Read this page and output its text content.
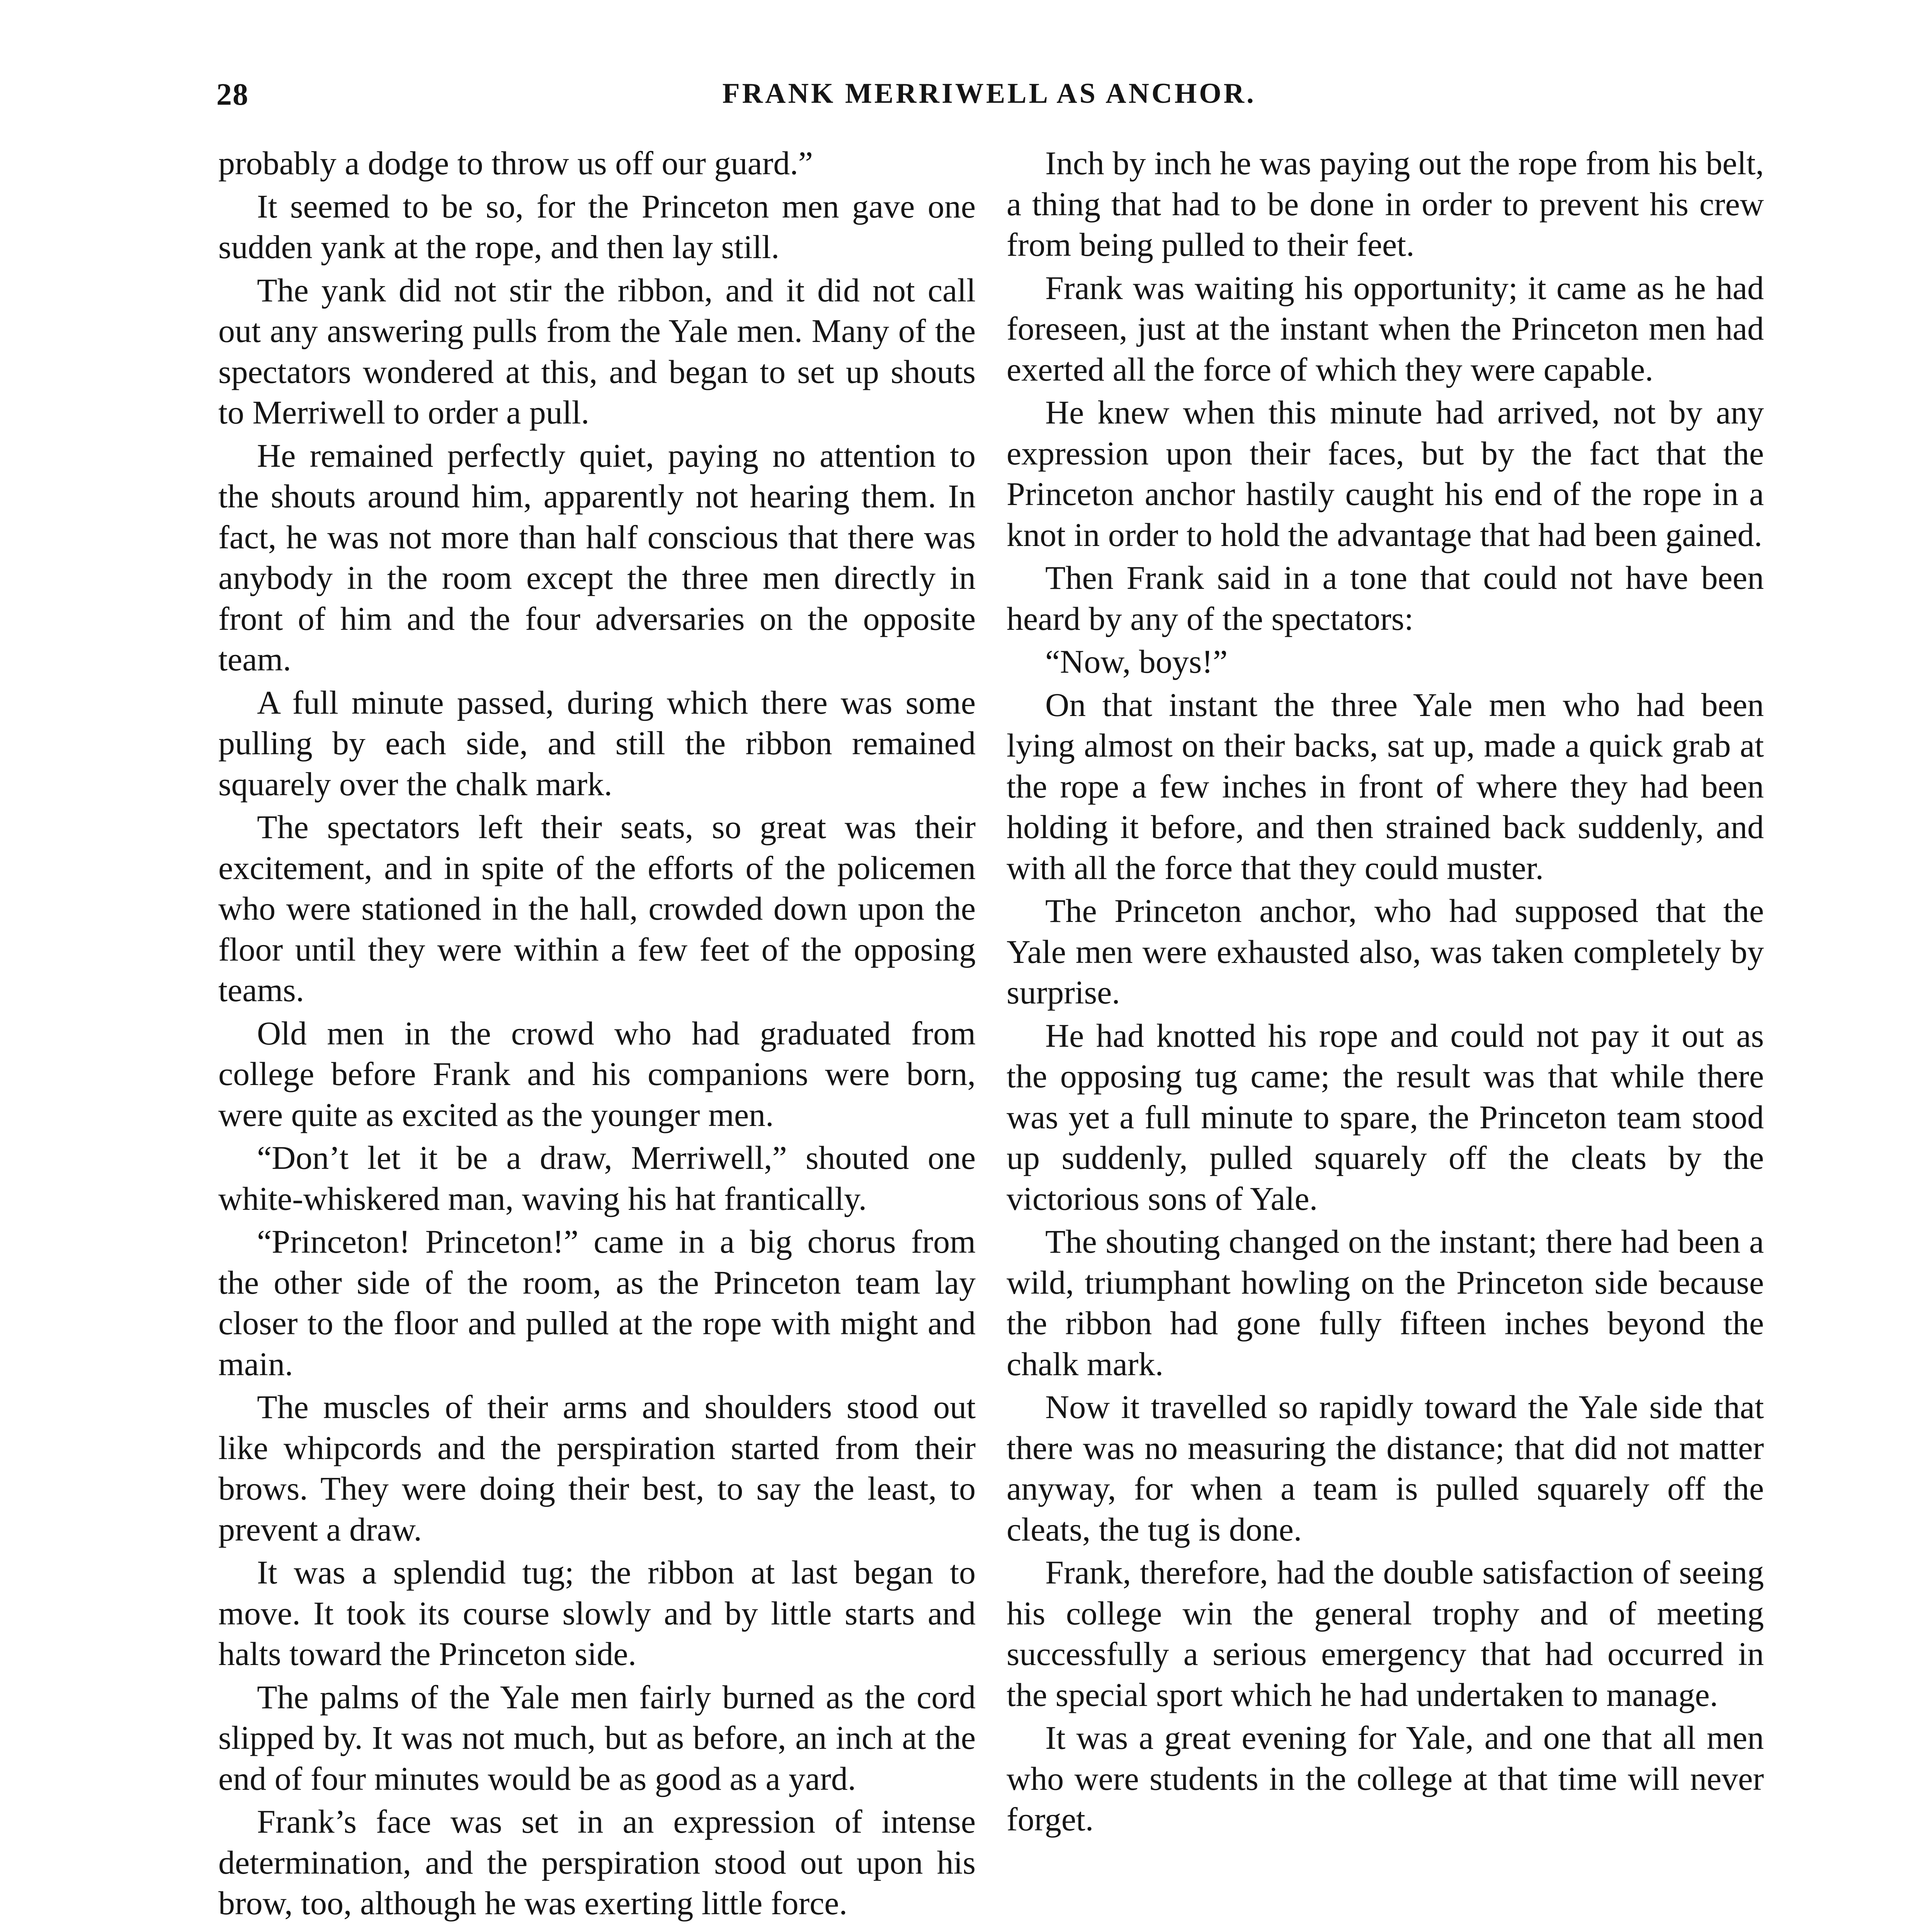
28	FRANK MERRIWELL AS ANCHOR.

probably a dodge to throw us off our guard.”

It seemed to be so, for the Princeton men gave one sudden yank at the rope, and then lay still.

The yank did not stir the ribbon, and it did not call out any answering pulls from the Yale men. Many of the spectators wondered at this, and began to set up shouts to Merriwell to order a pull.

He remained perfectly quiet, paying no attention to the shouts around him, apparently not hearing them. In fact, he was not more than half conscious that there was anybody in the room except the three men directly in front of him and the four adversaries on the opposite team.

A full minute passed, during which there was some pulling by each side, and still the ribbon remained squarely over the chalk mark.

The spectators left their seats, so great was their excitement, and in spite of the efforts of the policemen who were stationed in the hall, crowded down upon the floor until they were within a few feet of the opposing teams.

Old men in the crowd who had graduated from college before Frank and his companions were born, were quite as excited as the younger men.

“Don’t let it be a draw, Merriwell,” shouted one white-whiskered man, waving his hat frantically.

“Princeton! Princeton!” came in a big chorus from the other side of the room, as the Princeton team lay closer to the floor and pulled at the rope with might and main.

The muscles of their arms and shoulders stood out like whipcords and the perspiration started from their brows. They were doing their best, to say the least, to prevent a draw.

It was a splendid tug; the ribbon at last began to move. It took its course slowly and by little starts and halts toward the Princeton side.

The palms of the Yale men fairly burned as the cord slipped by. It was not much, but as before, an inch at the end of four minutes would be as good as a yard.

Frank’s face was set in an expression of intense determination, and the perspiration stood out upon his brow, too, although he was exerting little force.

Inch by inch he was paying out the rope from his belt, a thing that had to be done in order to prevent his crew from being pulled to their feet.

Frank was waiting his opportunity; it came as he had foreseen, just at the instant when the Princeton men had exerted all the force of which they were capable.

He knew when this minute had arrived, not by any expression upon their faces, but by the fact that the Princeton anchor hastily caught his end of the rope in a knot in order to hold the advantage that had been gained.

Then Frank said in a tone that could not have been heard by any of the spectators:

“Now, boys!”

On that instant the three Yale men who had been lying almost on their backs, sat up, made a quick grab at the rope a few inches in front of where they had been holding it before, and then strained back suddenly, and with all the force that they could muster.

The Princeton anchor, who had supposed that the Yale men were exhausted also, was taken completely by surprise.

He had knotted his rope and could not pay it out as the opposing tug came; the result was that while there was yet a full minute to spare, the Princeton team stood up suddenly, pulled squarely off the cleats by the victorious sons of Yale.

The shouting changed on the instant; there had been a wild, triumphant howling on the Princeton side because the ribbon had gone fully fifteen inches beyond the chalk mark.

Now it travelled so rapidly toward the Yale side that there was no measuring the distance; that did not matter anyway, for when a team is pulled squarely off the cleats, the tug is done.

Frank, therefore, had the double satisfaction of seeing his college win the general trophy and of meeting successfully a serious emergency that had occurred in the special sport which he had undertaken to manage.

It was a great evening for Yale, and one that all men who were students in the college at that time will never forget.
